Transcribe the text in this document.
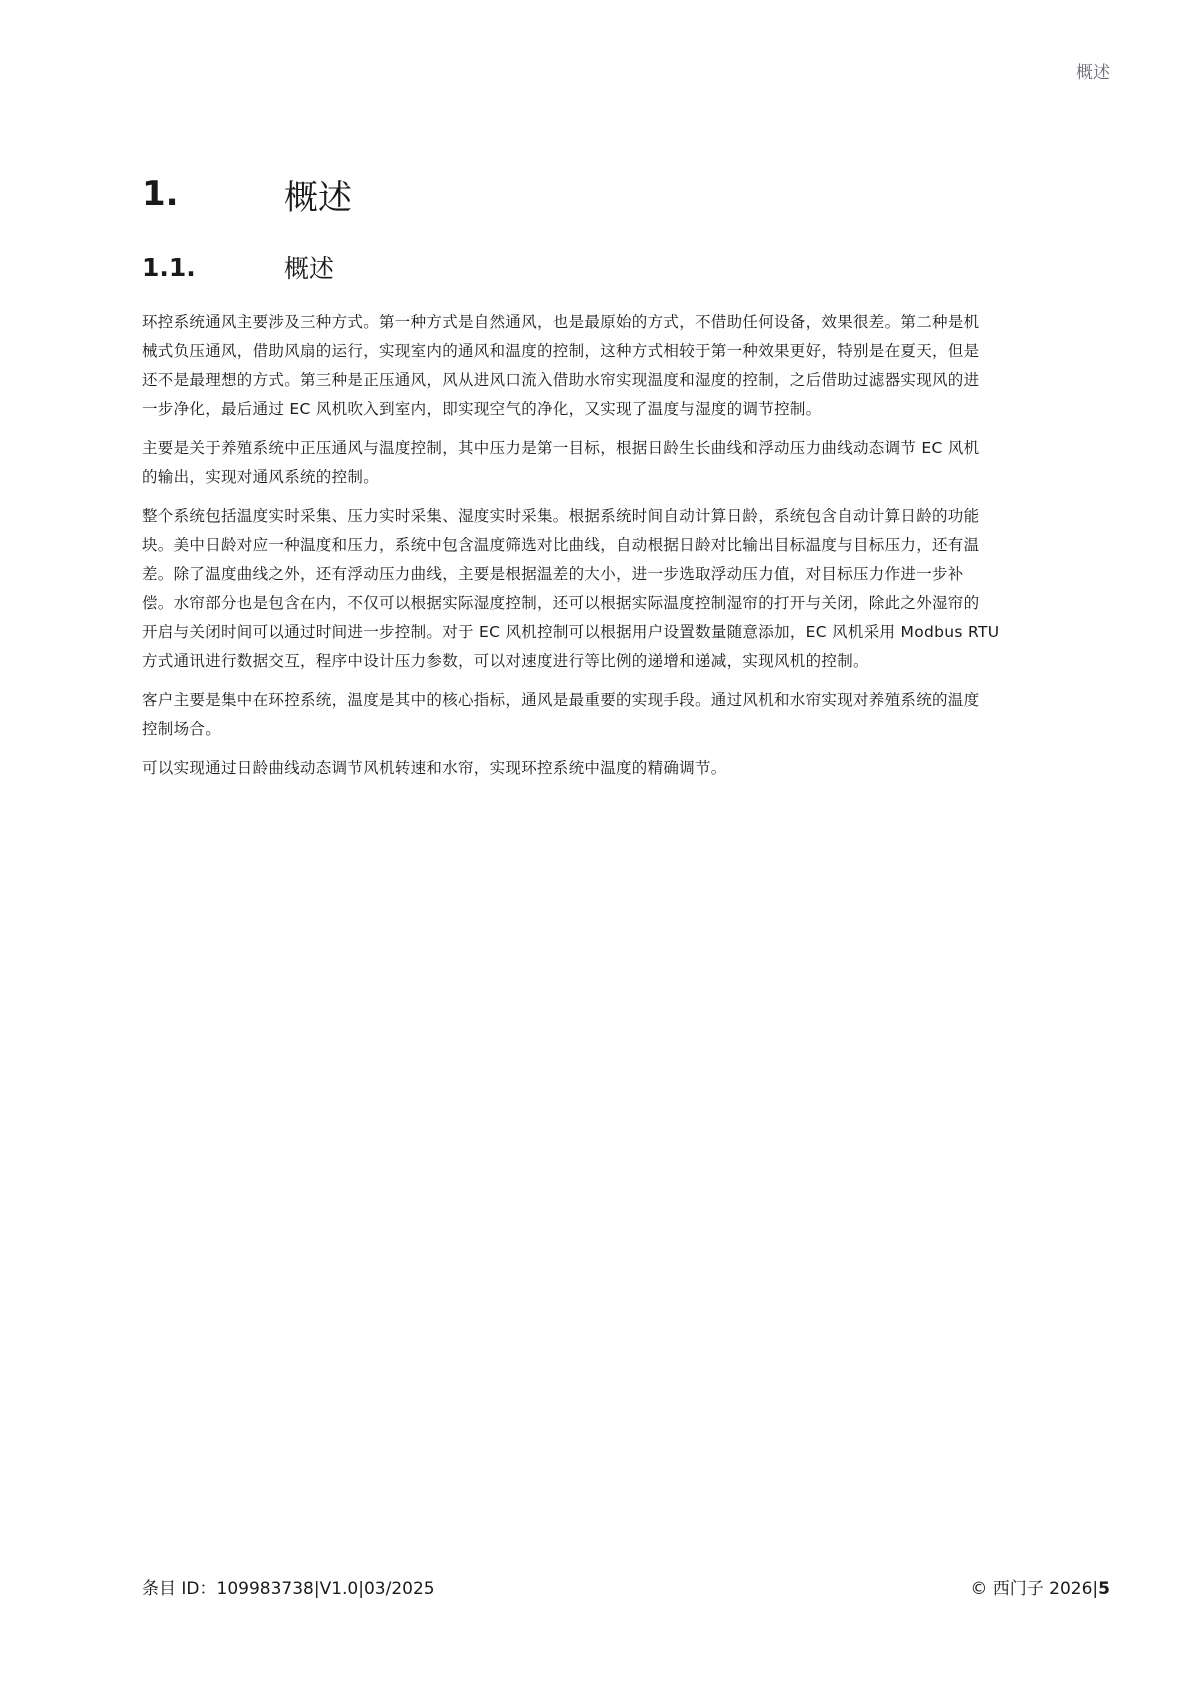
概述
1.	概述
1.1.	概述
环控系统通风主要涉及三种方式。第一种方式是自然通风，也是最原始的方式，不借助任何设备，效果很差。第二种是机
械式负压通风，借助风扇的运行，实现室内的通风和温度的控制，这种方式相较于第一种效果更好，特别是在夏天，但是
还不是最理想的方式。第三种是正压通风，风从进风口流入借助水帘实现温度和湿度的控制，之后借助过滤器实现风的进
一步净化，最后通过 EC 风机吹入到室内，即实现空气的净化，又实现了温度与湿度的调节控制。
主要是关于养殖系统中正压通风与温度控制，其中压力是第一目标，根据日龄生长曲线和浮动压力曲线动态调节 EC 风机
的输出，实现对通风系统的控制。
整个系统包括温度实时采集、压力实时采集、湿度实时采集。根据系统时间自动计算日龄，系统包含自动计算日龄的功能
块。美中日龄对应一种温度和压力，系统中包含温度筛选对比曲线，自动根据日龄对比输出目标温度与目标压力，还有温
差。除了温度曲线之外，还有浮动压力曲线，主要是根据温差的大小，进一步选取浮动压力值，对目标压力作进一步补
偿。水帘部分也是包含在内，不仅可以根据实际湿度控制，还可以根据实际温度控制湿帘的打开与关闭，除此之外湿帘的
开启与关闭时间可以通过时间进一步控制。对于 EC 风机控制可以根据用户设置数量随意添加，EC 风机采用 Modbus RTU
方式通讯进行数据交互，程序中设计压力参数，可以对速度进行等比例的递增和递减，实现风机的控制。
客户主要是集中在环控系统，温度是其中的核心指标，通风是最重要的实现手段。通过风机和水帘实现对养殖系统的温度
控制场合。
可以实现通过日龄曲线动态调节风机转速和水帘，实现环控系统中温度的精确调节。
条目 ID：109983738|V1.0|03/2025	© 西门子 2026|5
